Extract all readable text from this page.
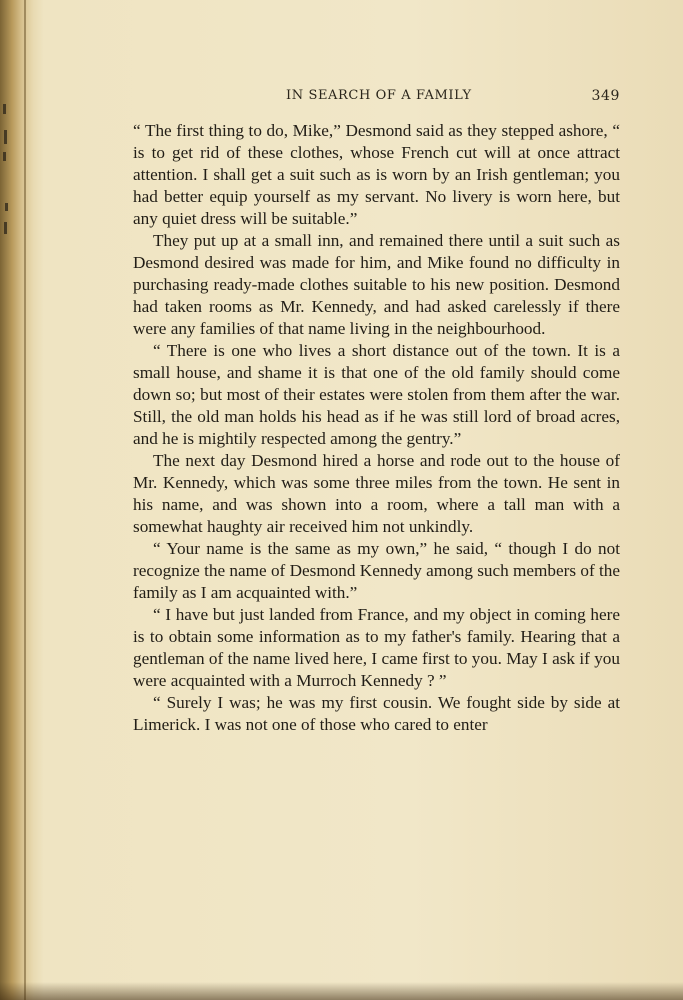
IN SEARCH OF A FAMILY	349

“ The first thing to do, Mike,” Desmond said as they stepped ashore, “ is to get rid of these clothes, whose French cut will at once attract attention. I shall get a suit such as is worn by an Irish gentleman; you had better equip yourself as my servant. No livery is worn here, but any quiet dress will be suitable.”

They put up at a small inn, and remained there until a suit such as Desmond desired was made for him, and Mike found no difficulty in purchasing ready-made clothes suitable to his new position. Desmond had taken rooms as Mr. Kennedy, and had asked carelessly if there were any families of that name living in the neighbourhood.

“ There is one who lives a short distance out of the town. It is a small house, and shame it is that one of the old family should come down so; but most of their estates were stolen from them after the war. Still, the old man holds his head as if he was still lord of broad acres, and he is mightily respected among the gentry.”

The next day Desmond hired a horse and rode out to the house of Mr. Kennedy, which was some three miles from the town. He sent in his name, and was shown into a room, where a tall man with a somewhat haughty air received him not unkindly.

“ Your name is the same as my own,” he said, “ though I do not recognize the name of Desmond Kennedy among such members of the family as I am acquainted with.”

“ I have but just landed from France, and my object in coming here is to obtain some information as to my father's family. Hearing that a gentleman of the name lived here, I came first to you. May I ask if you were acquainted with a Murroch Kennedy ? ”

“ Surely I was; he was my first cousin. We fought side by side at Limerick. I was not one of those who cared to enter
